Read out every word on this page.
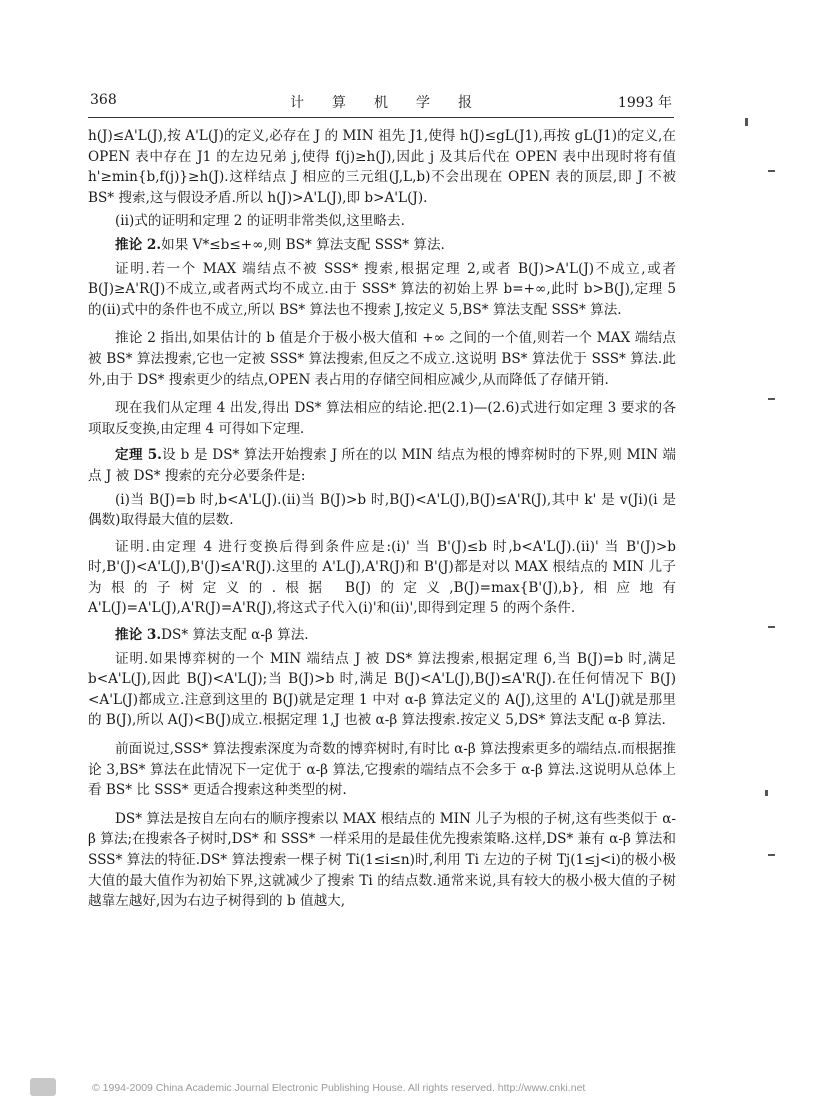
368	计算机学报	1993 年

h(J)≤A'L(J),按 A'L(J)的定义,必存在 J 的 MIN 祖先 J1,使得 h(J)≤gL(J1),再按 gL(J1)的定义,在 OPEN 表中存在 J1 的左边兄弟 j,使得 f(j)≥h(J),因此 j 及其后代在 OPEN 表中出现时将有值 h'≥min{b,f(j)}≥h(J).这样结点 J 相应的三元组(J,L,b)不会出现在 OPEN 表的顶层,即 J 不被 BS* 搜索,这与假设矛盾.所以 h(J)>A'L(J),即 b>A'L(J).

(ii)式的证明和定理 2 的证明非常类似,这里略去.

推论 2.如果 V*≤b≤+∞,则 BS* 算法支配 SSS* 算法.

证明.若一个 MAX 端结点不被 SSS* 搜索,根据定理 2,或者 B(J)>A'L(J)不成立,或者 B(J)≥A'R(J)不成立,或者两式均不成立.由于 SSS* 算法的初始上界 b=+∞,此时 b>B(J),定理 5 的(ii)式中的条件也不成立,所以 BS* 算法也不搜索 J,按定义 5,BS* 算法支配 SSS* 算法.

推论 2 指出,如果估计的 b 值是介于极小极大值和 +∞ 之间的一个值,则若一个 MAX 端结点被 BS* 算法搜索,它也一定被 SSS* 算法搜索,但反之不成立.这说明 BS* 算法优于 SSS* 算法.此外,由于 DS* 搜索更少的结点,OPEN 表占用的存储空间相应减少,从而降低了存储开销.

现在我们从定理 4 出发,得出 DS* 算法相应的结论.把(2.1)—(2.6)式进行如定理 3 要求的各项取反变换,由定理 4 可得如下定理.

定理 5.设 b 是 DS* 算法开始搜索 J 所在的以 MIN 结点为根的博弈树时的下界,则 MIN 端点 J 被 DS* 搜索的充分必要条件是:

(i)当 B(J)=b 时,b<A'L(J).(ii)当 B(J)>b 时,B(J)<A'L(J),B(J)≤A'R(J),其中 k' 是 v(Ji)(i 是偶数)取得最大值的层数.

证明.由定理 4 进行变换后得到条件应是:(i)' 当 B'(J)≤b 时,b<A'L(J).(ii)' 当 B'(J)>b 时,B'(J)<A'L(J),B'(J)≤A'R(J).这里的 A'L(J),A'R(J)和 B'(J)都是对以 MAX 根结点的 MIN 儿子为根的子树定义的.根据 B(J)的定义,B(J)=max{B'(J),b},相应地有 A'L(J)=A'L(J),A'R(J)=A'R(J),将这式子代入(i)'和(ii)',即得到定理 5 的两个条件.

推论 3.DS* 算法支配 α-β 算法.

证明.如果博弈树的一个 MIN 端结点 J 被 DS* 算法搜索,根据定理 6,当 B(J)=b 时,满足 b<A'L(J),因此 B(J)<A'L(J);当 B(J)>b 时,满足 B(J)<A'L(J),B(J)≤A'R(J).在任何情况下 B(J)<A'L(J)都成立.注意到这里的 B(J)就是定理 1 中对 α-β 算法定义的 A(J),这里的 A'L(J)就是那里的 B(J),所以 A(J)<B(J)成立.根据定理 1,J 也被 α-β 算法搜索.按定义 5,DS* 算法支配 α-β 算法.

前面说过,SSS* 算法搜索深度为奇数的博弈树时,有时比 α-β 算法搜索更多的端结点.而根据推论 3,BS* 算法在此情况下一定优于 α-β 算法,它搜索的端结点不会多于 α-β 算法.这说明从总体上看 BS* 比 SSS* 更适合搜索这种类型的树.

DS* 算法是按自左向右的顺序搜索以 MAX 根结点的 MIN 儿子为根的子树,这有些类似于 α-β 算法;在搜索各子树时,DS* 和 SSS* 一样采用的是最佳优先搜索策略.这样,DS* 兼有 α-β 算法和 SSS* 算法的特征.DS* 算法搜索一棵子树 Ti(1≤i≤n)时,利用 Ti 左边的子树 Tj(1≤j<i)的极小极大值的最大值作为初始下界,这就减少了搜索 Ti 的结点数.通常来说,具有较大的极小极大值的子树越靠左越好,因为右边子树得到的 b 值越大,

© 1994-2009 China Academic Journal Electronic Publishing House. All rights reserved. http://www.cnki.net
